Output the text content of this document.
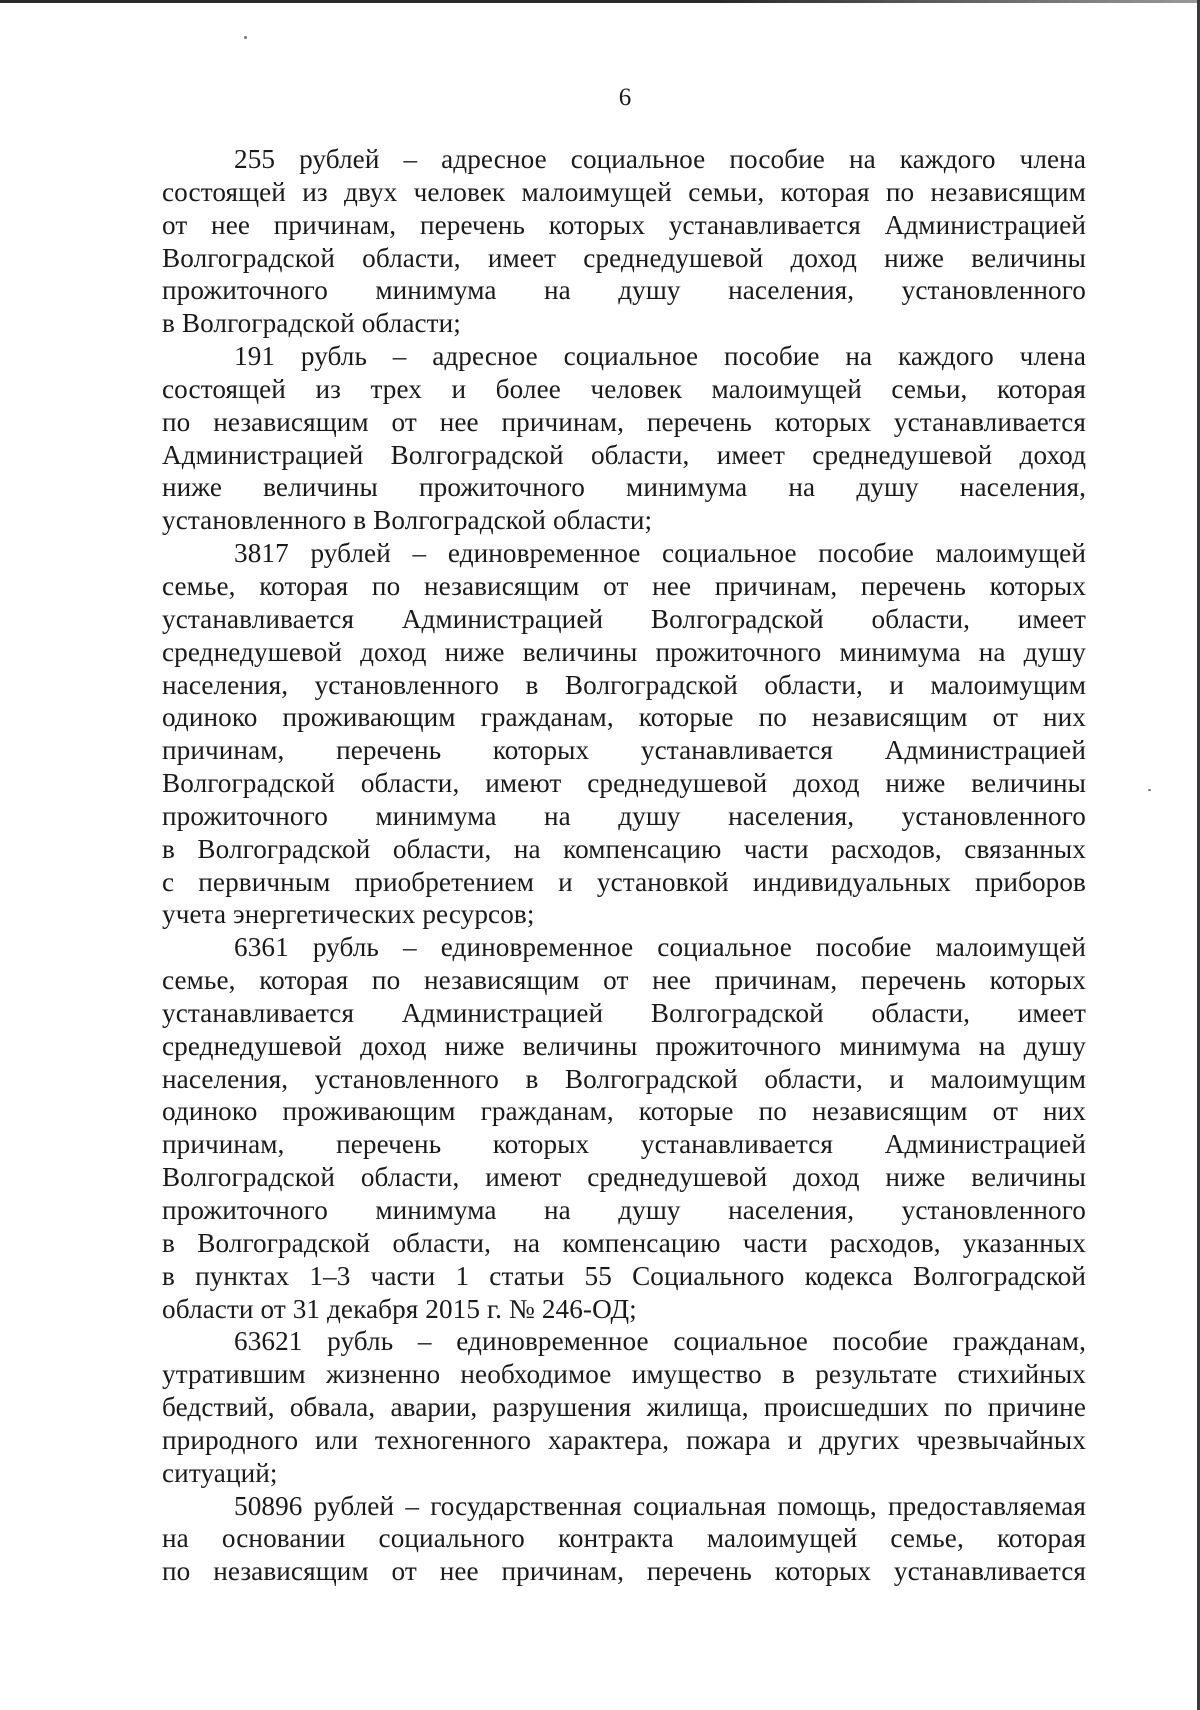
6
255 рублей – адресное социальное пособие на каждого члена
состоящей из двух человек малоимущей семьи, которая по независящим
от нее причинам, перечень которых устанавливается Администрацией
Волгоградской области, имеет среднедушевой доход ниже величины
прожиточного минимума на душу населения, установленного
в Волгоградской области;
191 рубль – адресное социальное пособие на каждого члена
состоящей из трех и более человек малоимущей семьи, которая
по независящим от нее причинам, перечень которых устанавливается
Администрацией Волгоградской области, имеет среднедушевой доход
ниже величины прожиточного минимума на душу населения,
установленного в Волгоградской области;
3817 рублей – единовременное социальное пособие малоимущей
семье, которая по независящим от нее причинам, перечень которых
устанавливается Администрацией Волгоградской области, имеет
среднедушевой доход ниже величины прожиточного минимума на душу
населения, установленного в Волгоградской области, и малоимущим
одиноко проживающим гражданам, которые по независящим от них
причинам, перечень которых устанавливается Администрацией
Волгоградской области, имеют среднедушевой доход ниже величины
прожиточного минимума на душу населения, установленного
в Волгоградской области, на компенсацию части расходов, связанных
с первичным приобретением и установкой индивидуальных приборов
учета энергетических ресурсов;
6361 рубль – единовременное социальное пособие малоимущей
семье, которая по независящим от нее причинам, перечень которых
устанавливается Администрацией Волгоградской области, имеет
среднедушевой доход ниже величины прожиточного минимума на душу
населения, установленного в Волгоградской области, и малоимущим
одиноко проживающим гражданам, которые по независящим от них
причинам, перечень которых устанавливается Администрацией
Волгоградской области, имеют среднедушевой доход ниже величины
прожиточного минимума на душу населения, установленного
в Волгоградской области, на компенсацию части расходов, указанных
в пунктах 1–3 части 1 статьи 55 Социального кодекса Волгоградской
области от 31 декабря 2015 г. № 246-ОД;
63621 рубль – единовременное социальное пособие гражданам,
утратившим жизненно необходимое имущество в результате стихийных
бедствий, обвала, аварии, разрушения жилища, происшедших по причине
природного или техногенного характера, пожара и других чрезвычайных
ситуаций;
50896 рублей – государственная социальная помощь, предоставляемая
на основании социального контракта малоимущей семье, которая
по независящим от нее причинам, перечень которых устанавливается
